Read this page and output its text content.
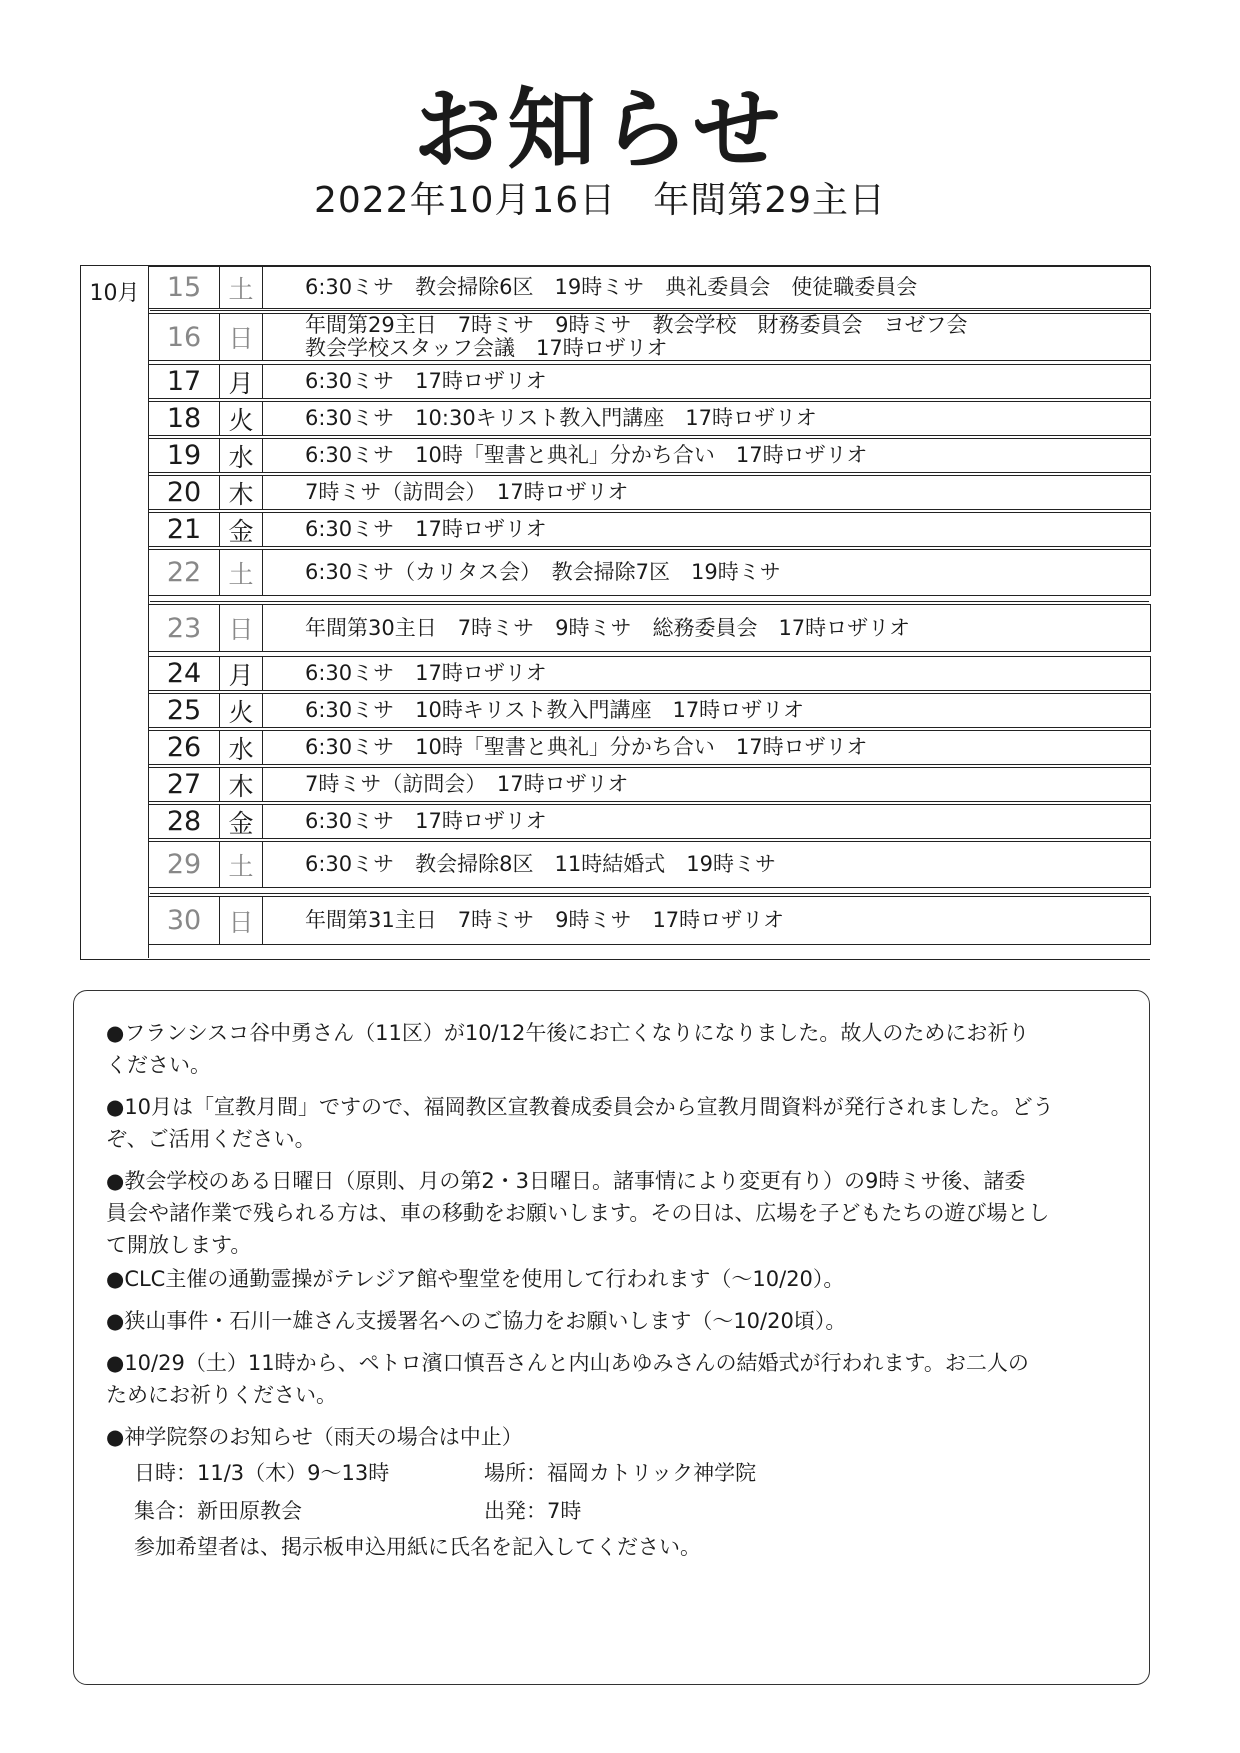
お知らせ
2022年10月16日　年間第29主日
10月	15	土	6:30ミサ　教会掃除6区　19時ミサ　典礼委員会　使徒職委員会
16	日	年間第29主日　7時ミサ　9時ミサ　教会学校　財務委員会　ヨゼフ会
教会学校スタッフ会議　17時ロザリオ
17	月	6:30ミサ　17時ロザリオ
18	火	6:30ミサ　10:30キリスト教入門講座　17時ロザリオ
19	水	6:30ミサ　10時「聖書と典礼」分かち合い　17時ロザリオ
20	木	7時ミサ（訪問会）　17時ロザリオ
21	金	6:30ミサ　17時ロザリオ
22	土	6:30ミサ（カリタス会）　教会掃除7区　19時ミサ
23	日	年間第30主日　7時ミサ　9時ミサ　総務委員会　17時ロザリオ
24	月	6:30ミサ　17時ロザリオ
25	火	6:30ミサ　10時キリスト教入門講座　17時ロザリオ
26	水	6:30ミサ　10時「聖書と典礼」分かち合い　17時ロザリオ
27	木	7時ミサ（訪問会）　17時ロザリオ
28	金	6:30ミサ　17時ロザリオ
29	土	6:30ミサ　教会掃除8区　11時結婚式　19時ミサ
30	日	年間第31主日　7時ミサ　9時ミサ　17時ロザリオ
●フランシスコ谷中勇さん（11区）が10/12午後にお亡くなりになりました。故人のためにお祈り
ください。
●10月は「宣教月間」ですので、福岡教区宣教養成委員会から宣教月間資料が発行されました。どう
ぞ、ご活用ください。
●教会学校のある日曜日（原則、月の第2・3日曜日。諸事情により変更有り）の9時ミサ後、諸委
員会や諸作業で残られる方は、車の移動をお願いします。その日は、広場を子どもたちの遊び場とし
て開放します。
●CLC主催の通勤霊操がテレジア館や聖堂を使用して行われます（～10/20）。
●狭山事件・石川一雄さん支援署名へのご協力をお願いします（～10/20頃）。
●10/29（土）11時から、ペトロ濱口慎吾さんと内山あゆみさんの結婚式が行われます。お二人の
ためにお祈りください。
●神学院祭のお知らせ（雨天の場合は中止）
日時：11/3（木）9～13時	場所：福岡カトリック神学院
集合：新田原教会	出発：7時
参加希望者は、掲示板申込用紙に氏名を記入してください。
